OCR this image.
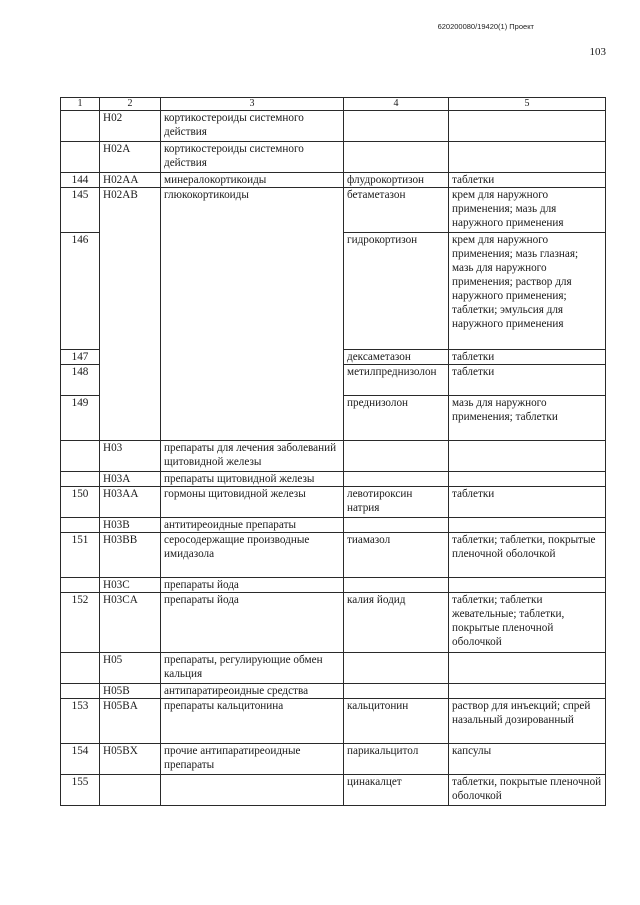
620200080/19420(1) Проект
103
1	2	3	4	5
	H02	кортикостероиды системного действия		
	H02A	кортикостероиды системного действия		
144	H02AA	минералокортикоиды	флудрокортизон	таблетки
145	H02AB	глюкокортикоиды	бетаметазон	крем для наружного применения; мазь для наружного применения
146			гидрокортизон	крем для наружного применения; мазь глазная; мазь для наружного применения; раствор для наружного применения; таблетки; эмульсия для наружного применения
147			дексаметазон	таблетки
148			метилпреднизолон	таблетки
149			преднизолон	мазь для наружного применения; таблетки
	H03	препараты для лечения заболеваний щитовидной железы		
	H03A	препараты щитовидной железы		
150	H03AA	гормоны щитовидной железы	левотироксин натрия	таблетки
	H03B	антитиреоидные препараты		
151	H03BB	серосодержащие производные имидазола	тиамазол	таблетки; таблетки, покрытые пленочной оболочкой
	H03C	препараты йода		
152	H03CA	препараты йода	калия йодид	таблетки; таблетки жевательные; таблетки, покрытые пленочной оболочкой
	H05	препараты, регулирующие обмен кальция		
	H05B	антипаратиреоидные средства		
153	H05BA	препараты кальцитонина	кальцитонин	раствор для инъекций; спрей назальный дозированный
154	H05BX	прочие антипаратиреоидные препараты	парикальцитол	капсулы
155			цинакалцет	таблетки, покрытые пленочной оболочкой
